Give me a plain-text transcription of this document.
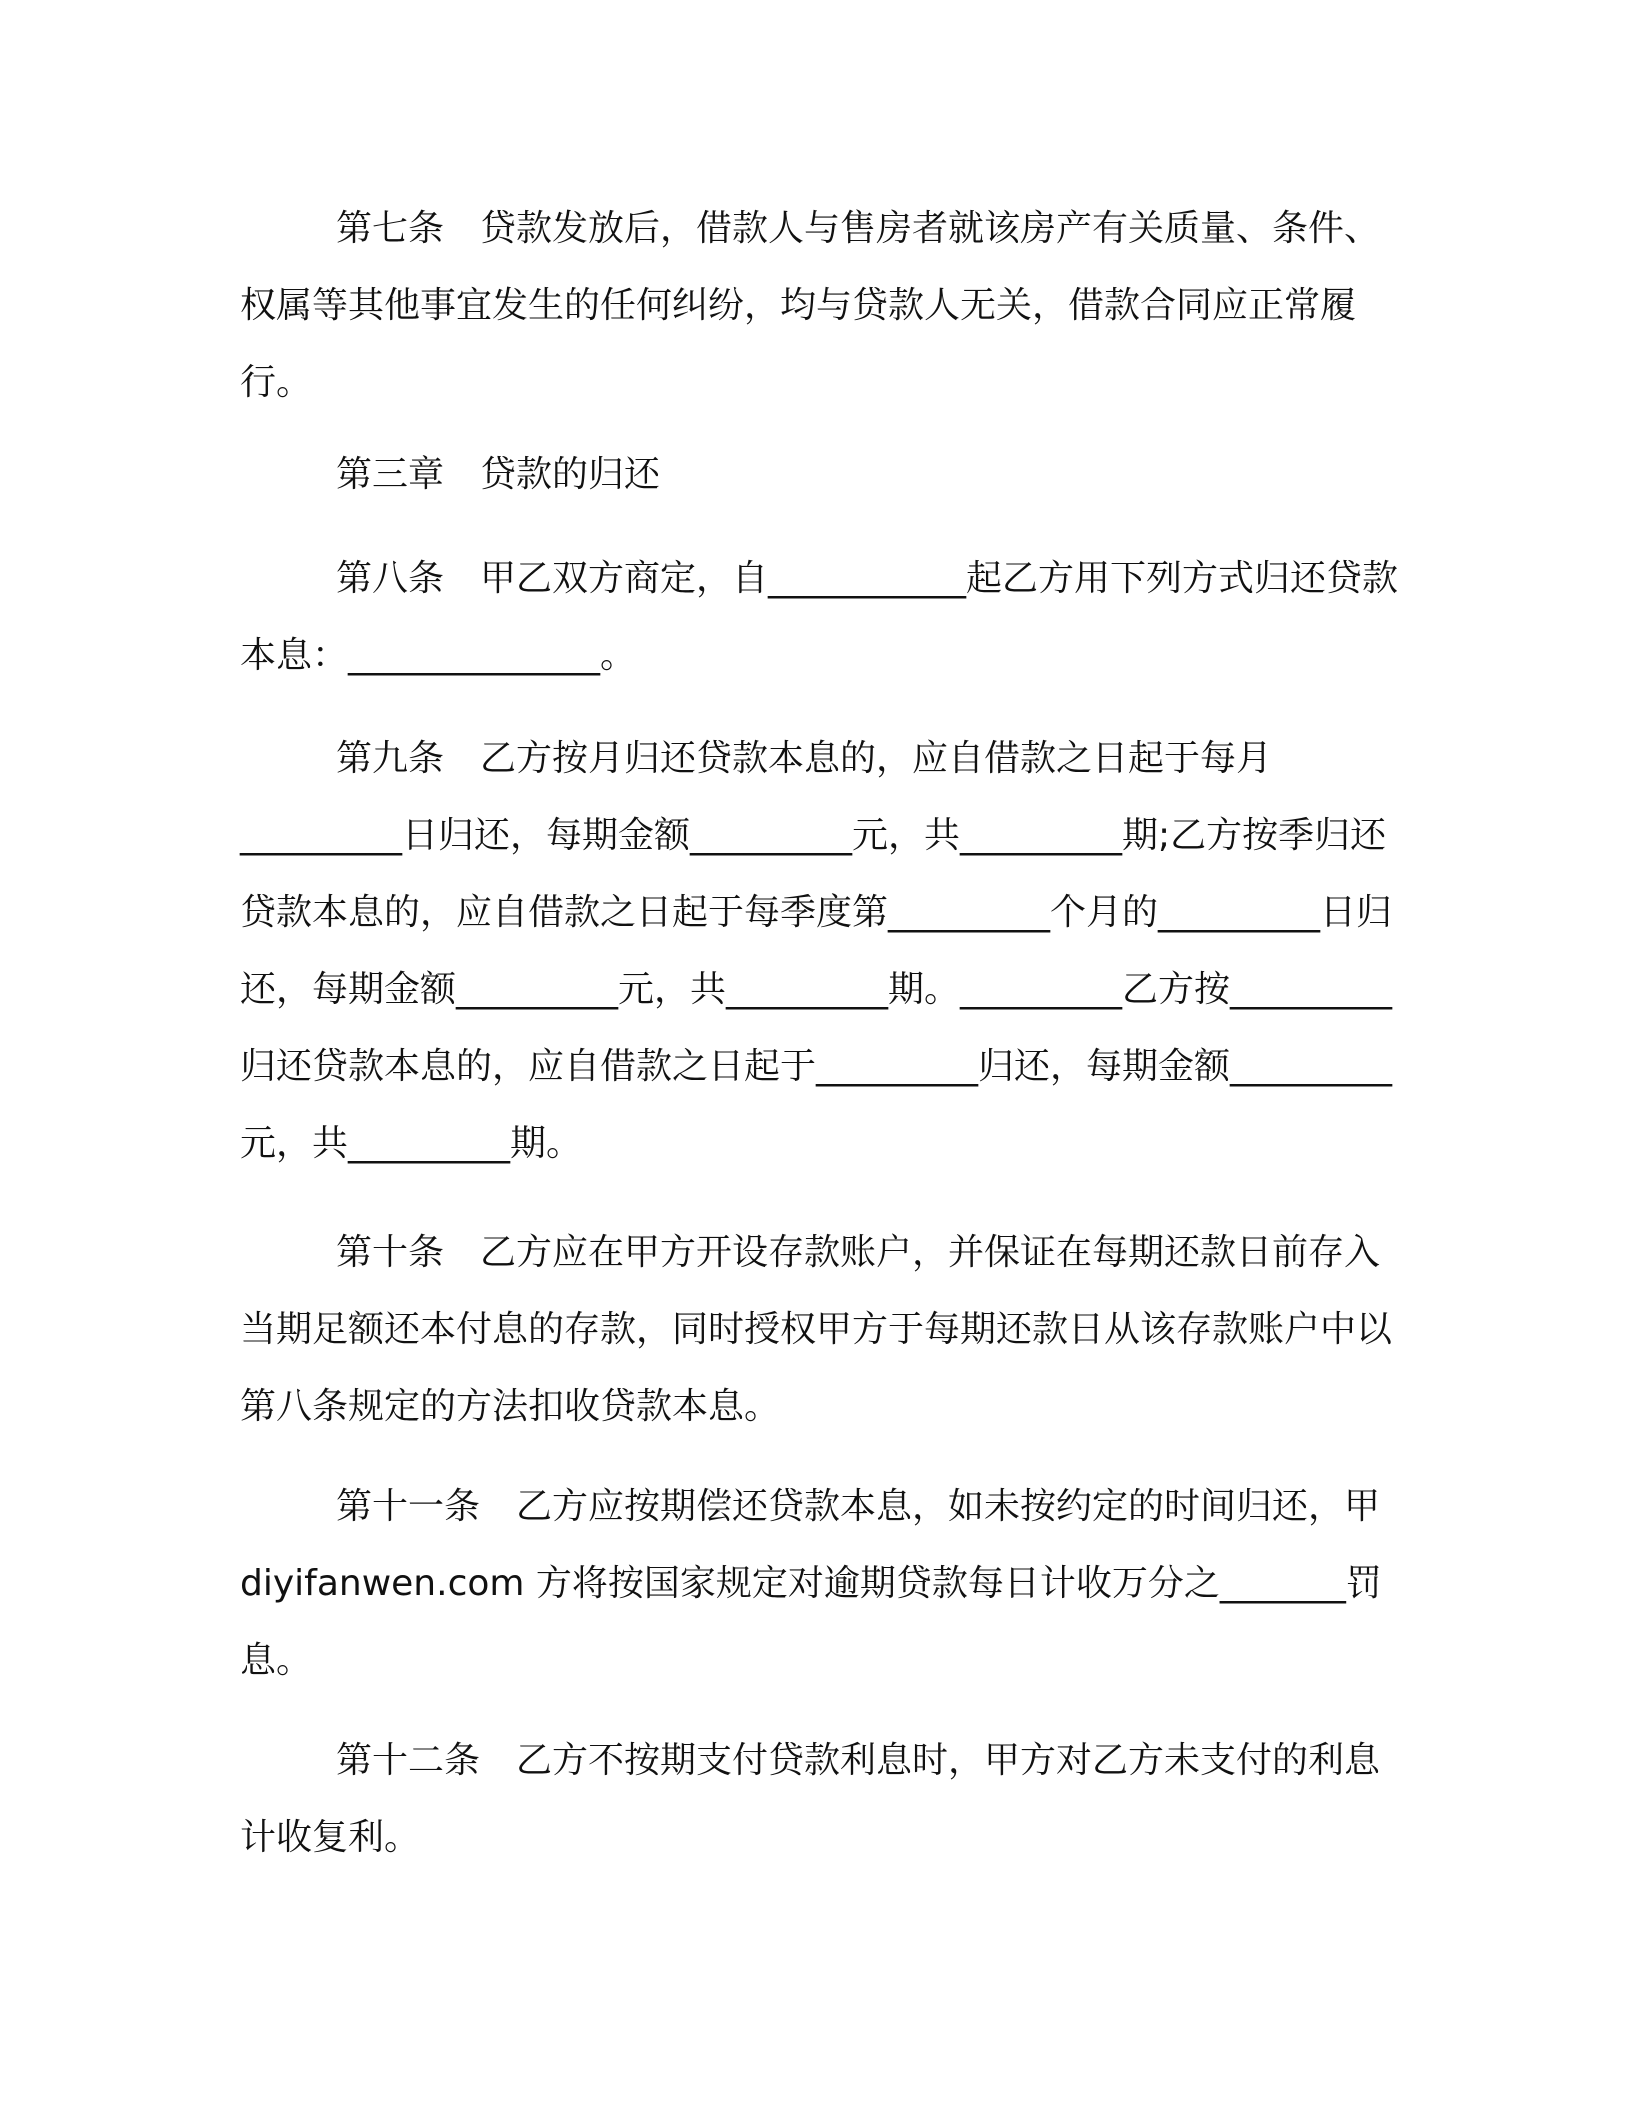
第七条　贷款发放后，借款人与售房者就该房产有关质量、条件、权属等其他事宜发生的任何纠纷，均与贷款人无关，借款合同应正常履行。

第三章　贷款的归还

第八条　甲乙双方商定，自___________起乙方用下列方式归还贷款本息：______________。

第九条　乙方按月归还贷款本息的，应自借款之日起于每月_________日归还，每期金额_________元，共_________期;乙方按季归还贷款本息的，应自借款之日起于每季度第_________个月的_________日归还，每期金额_________元，共_________期。_________乙方按_________归还贷款本息的，应自借款之日起于_________归还，每期金额_________元，共_________期。

第十条　乙方应在甲方开设存款账户，并保证在每期还款日前存入当期足额还本付息的存款，同时授权甲方于每期还款日从该存款账户中以第八条规定的方法扣收贷款本息。

第十一条　乙方应按期偿还贷款本息，如未按约定的时间归还，甲 diyifanwen.com 方将按国家规定对逾期贷款每日计收万分之_______罚息。

第十二条　乙方不按期支付贷款利息时，甲方对乙方未支付的利息计收复利。
